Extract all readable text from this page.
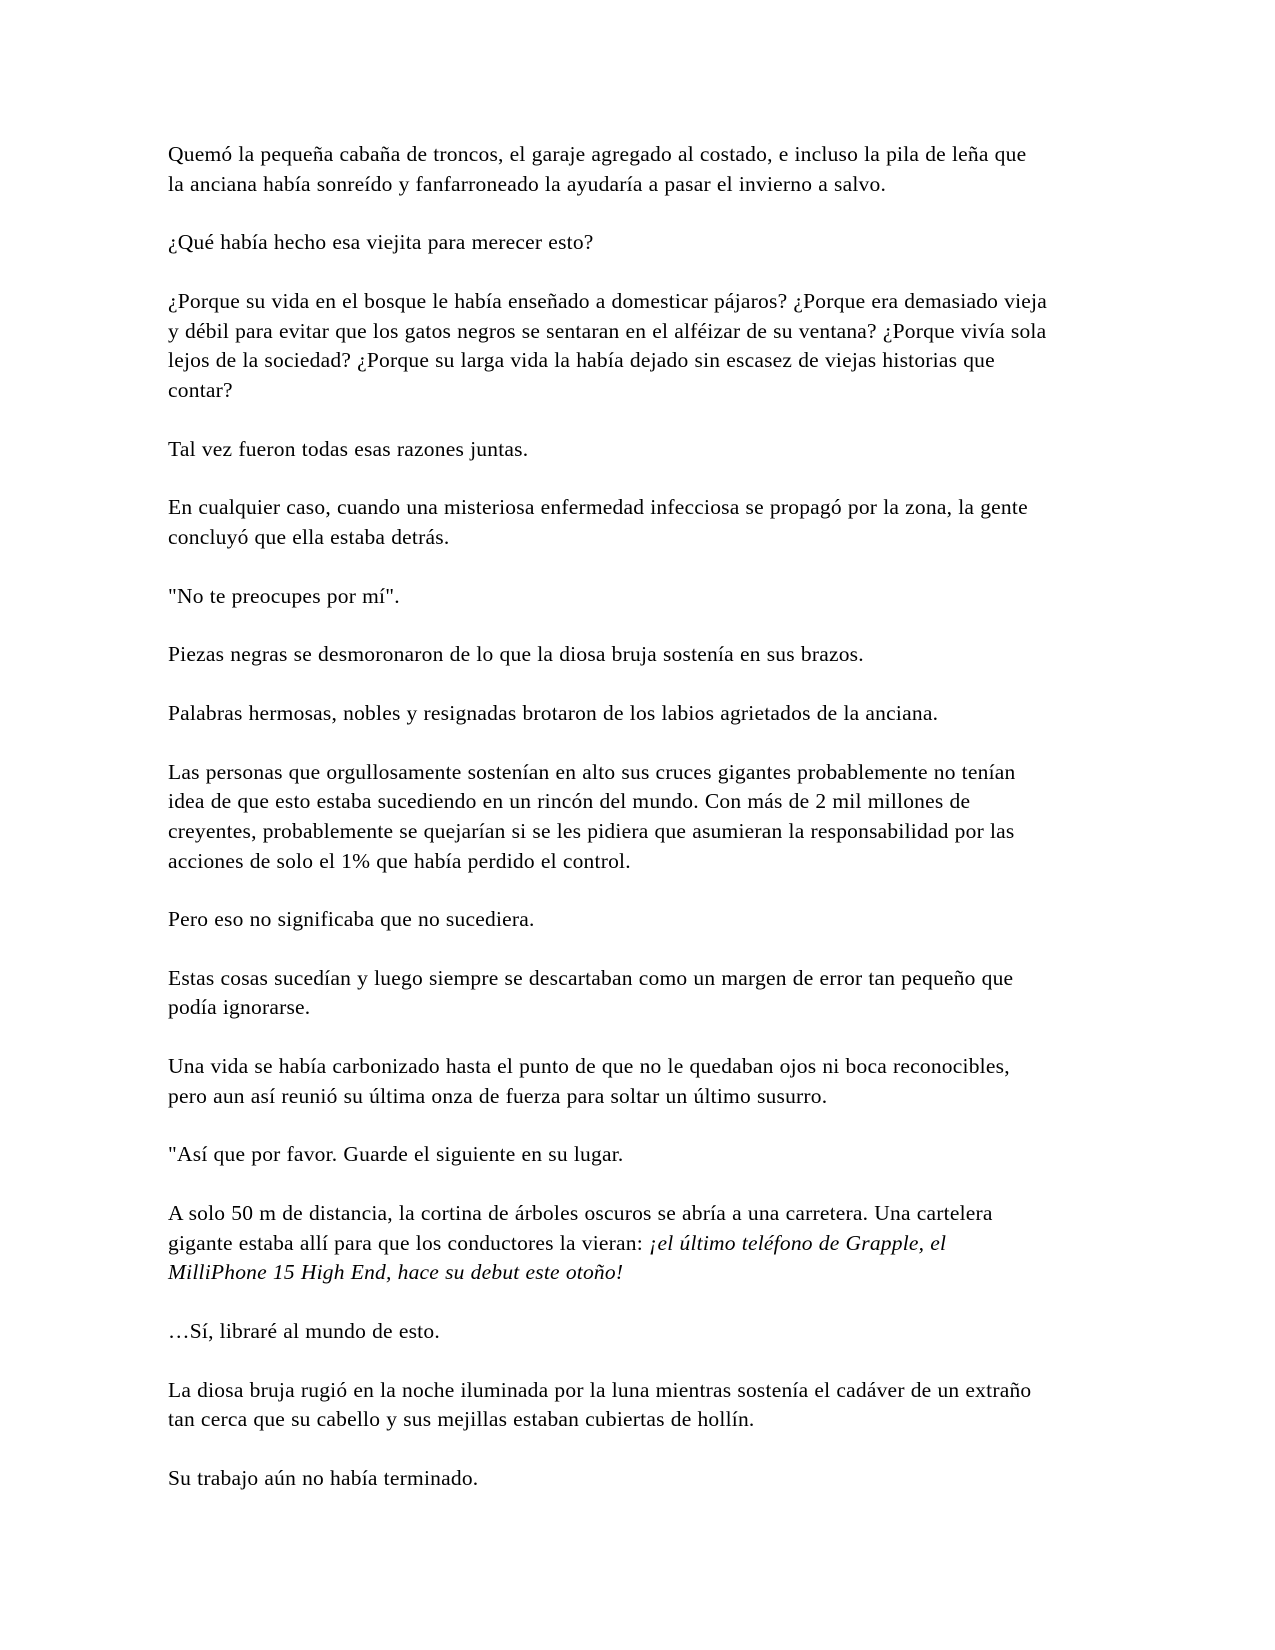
Quemó la pequeña cabaña de troncos, el garaje agregado al costado, e incluso la pila de leña que la anciana había sonreído y fanfarroneado la ayudaría a pasar el invierno a salvo.

¿Qué había hecho esa viejita para merecer esto?

¿Porque su vida en el bosque le había enseñado a domesticar pájaros? ¿Porque era demasiado vieja y débil para evitar que los gatos negros se sentaran en el alféizar de su ventana? ¿Porque vivía sola lejos de la sociedad? ¿Porque su larga vida la había dejado sin escasez de viejas historias que contar?

Tal vez fueron todas esas razones juntas.

En cualquier caso, cuando una misteriosa enfermedad infecciosa se propagó por la zona, la gente concluyó que ella estaba detrás.

"No te preocupes por mí".

Piezas negras se desmoronaron de lo que la diosa bruja sostenía en sus brazos.

Palabras hermosas, nobles y resignadas brotaron de los labios agrietados de la anciana.

Las personas que orgullosamente sostenían en alto sus cruces gigantes probablemente no tenían idea de que esto estaba sucediendo en un rincón del mundo. Con más de 2 mil millones de creyentes, probablemente se quejarían si se les pidiera que asumieran la responsabilidad por las acciones de solo el 1% que había perdido el control.

Pero eso no significaba que no sucediera.

Estas cosas sucedían y luego siempre se descartaban como un margen de error tan pequeño que podía ignorarse.

Una vida se había carbonizado hasta el punto de que no le quedaban ojos ni boca reconocibles, pero aun así reunió su última onza de fuerza para soltar un último susurro.

"Así que por favor. Guarde el siguiente en su lugar.

A solo 50 m de distancia, la cortina de árboles oscuros se abría a una carretera. Una cartelera gigante estaba allí para que los conductores la vieran: ¡el último teléfono de Grapple, el MilliPhone 15 High End, hace su debut este otoño!

…Sí, libraré al mundo de esto.

La diosa bruja rugió en la noche iluminada por la luna mientras sostenía el cadáver de un extraño tan cerca que su cabello y sus mejillas estaban cubiertas de hollín.

Su trabajo aún no había terminado.
